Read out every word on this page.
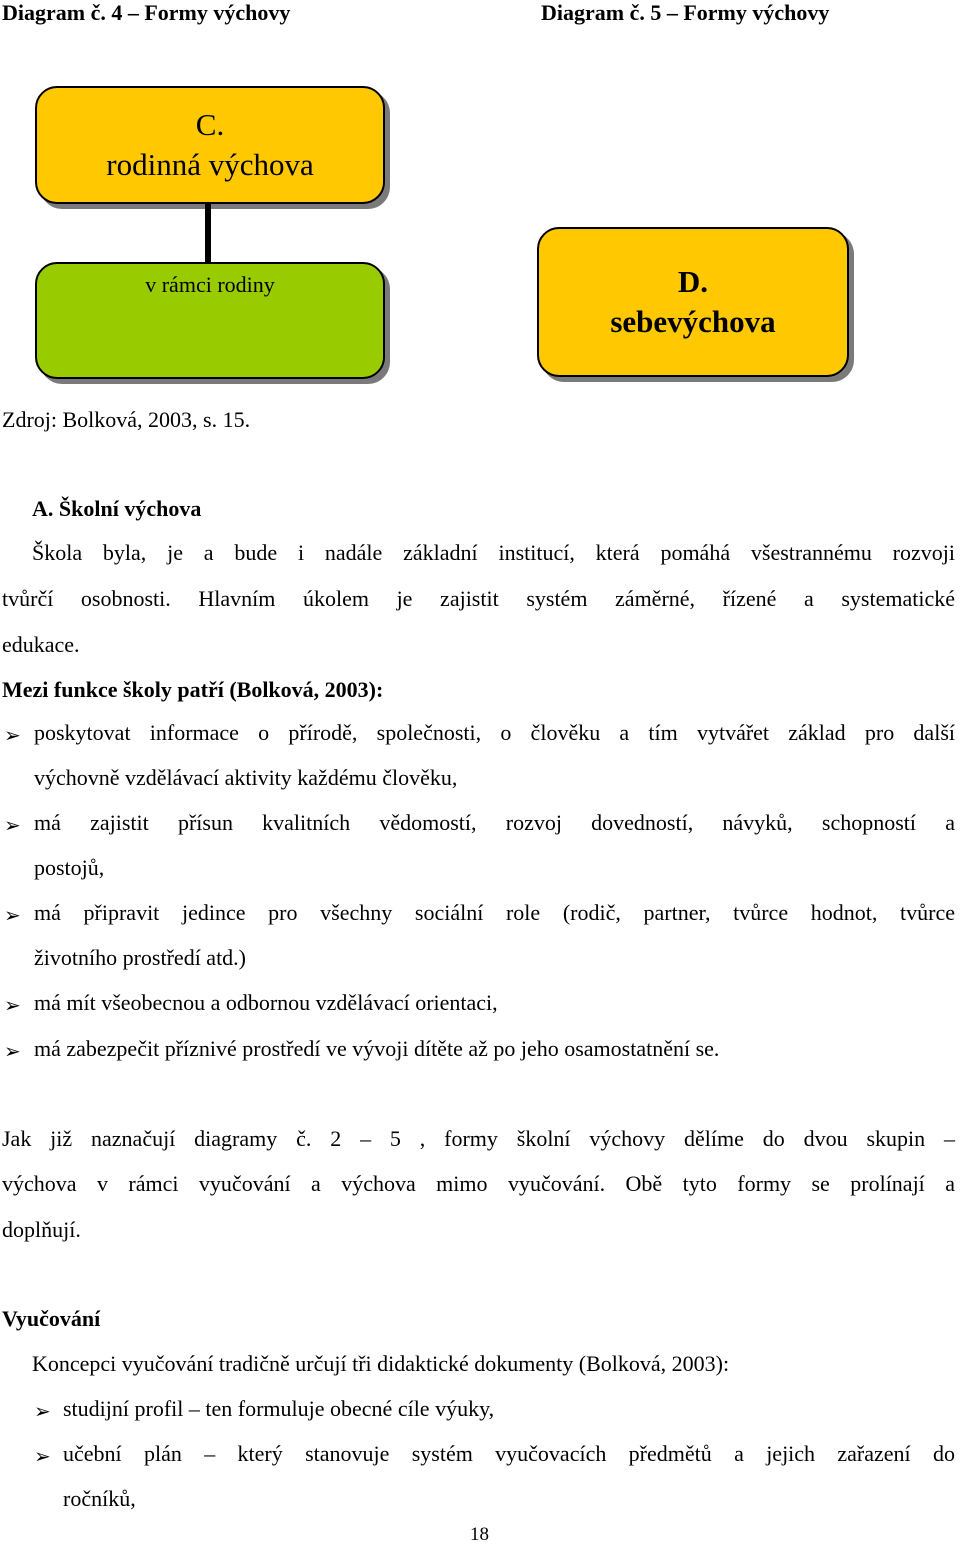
Diagram č. 4 – Formy výchovy	Diagram č. 5 – Formy výchovy
C.
rodinná výchova
v rámci rodiny	D.
sebevýchova
Zdroj: Bolková, 2003, s. 15.
A. Školní výchova
Škola byla, je a bude i nadále základní institucí, která pomáhá všestrannému rozvoji
tvůrčí osobnosti. Hlavním úkolem je zajistit systém záměrné, řízené a systematické
edukace.
Mezi funkce školy patří (Bolková, 2003):
➢ poskytovat informace o přírodě, společnosti, o člověku a tím vytvářet základ pro další
výchovně vzdělávací aktivity každému člověku,
➢ má zajistit přísun kvalitních vědomostí, rozvoj dovedností, návyků, schopností a
postojů,
➢ má připravit jedince pro všechny sociální role (rodič, partner, tvůrce hodnot, tvůrce
životního prostředí atd.)
➢ má mít všeobecnou a odbornou vzdělávací orientaci,
➢ má zabezpečit příznivé prostředí ve vývoji dítěte až po jeho osamostatnění se.
Jak již naznačují diagramy č. 2 – 5 , formy školní výchovy dělíme do dvou skupin –
výchova v rámci vyučování a výchova mimo vyučování. Obě tyto formy se prolínají a
doplňují.
Vyučování
Koncepci vyučování tradičně určují tři didaktické dokumenty (Bolková, 2003):
➢ studijní profil – ten formuluje obecné cíle výuky,
➢ učební plán – který stanovuje systém vyučovacích předmětů a jejich zařazení do
ročníků,
18
